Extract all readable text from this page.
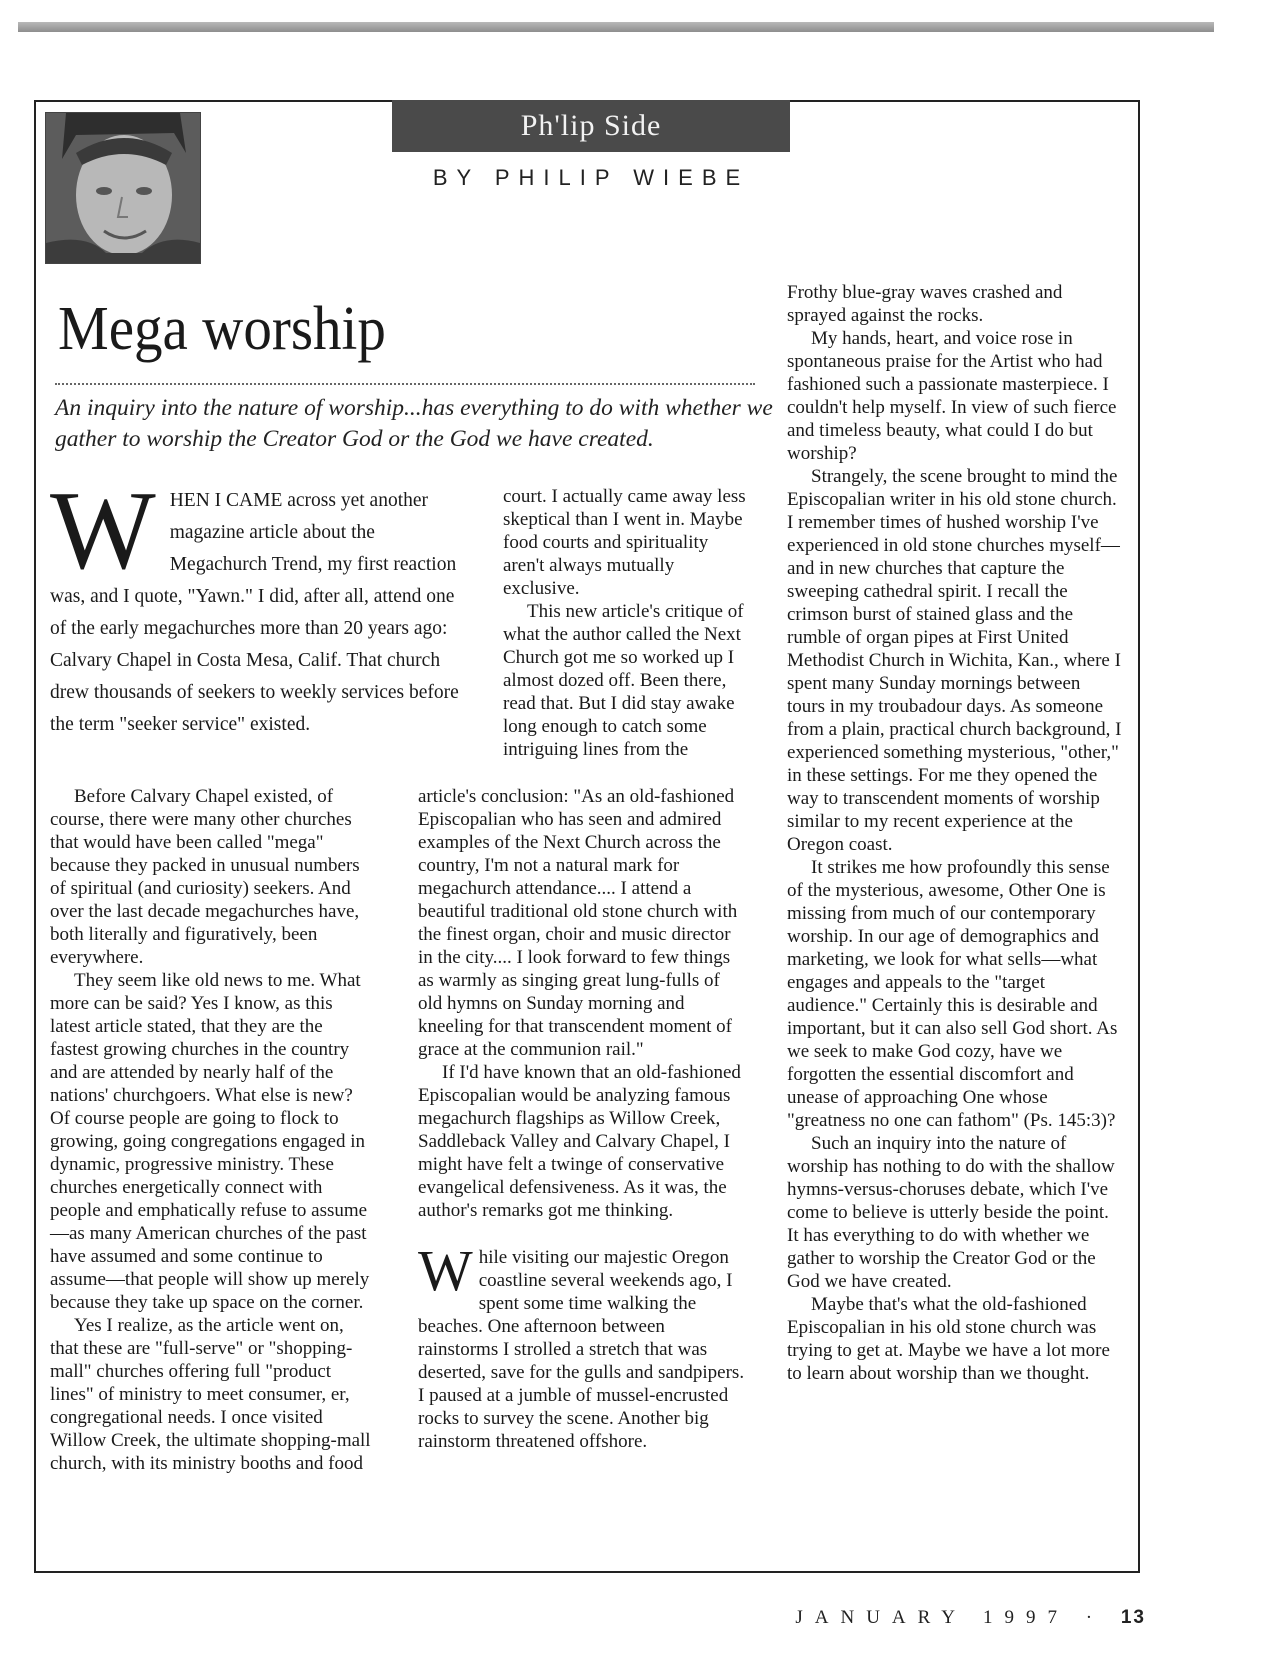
Ph'lip Side
BY PHILIP WIEBE
Mega worship
An inquiry into the nature of worship...has everything to do with whether we gather to worship the Creator God or the God we have created.
W HEN I CAME across yet another magazine article about the Megachurch Trend, my first reaction was, and I quote, "Yawn." I did, after all, attend one of the early megachurches more than 20 years ago: Calvary Chapel in Costa Mesa, Calif. That church drew thousands of seekers to weekly services before the term "seeker service" existed.

court. I actually came away less skeptical than I went in. Maybe food courts and spirituality aren't always mutually exclusive.

This new article's critique of what the author called the Next Church got me so worked up I almost dozed off. Been there, read that. But I did stay awake long enough to catch some intriguing lines from the

Before Calvary Chapel existed, of course, there were many other churches that would have been called "mega" because they packed in unusual numbers of spiritual (and curiosity) seekers. And over the last decade megachurches have, both literally and figuratively, been everywhere.

They seem like old news to me. What more can be said? Yes I know, as this latest article stated, that they are the fastest growing churches in the country and are attended by nearly half of the nations' churchgoers. What else is new? Of course people are going to flock to growing, going congregations engaged in dynamic, progressive ministry. These churches energetically connect with people and emphatically refuse to assume—as many American churches of the past have assumed and some continue to assume—that people will show up merely because they take up space on the corner.

Yes I realize, as the article went on, that these are "full-serve" or "shopping-mall" churches offering full "product lines" of ministry to meet consumer, er, congregational needs. I once visited Willow Creek, the ultimate shopping-mall church, with its ministry booths and food

article's conclusion: "As an old-fashioned Episcopalian who has seen and admired examples of the Next Church across the country, I'm not a natural mark for megachurch attendance.... I attend a beautiful traditional old stone church with the finest organ, choir and music director in the city.... I look forward to few things as warmly as singing great lung-fulls of old hymns on Sunday morning and kneeling for that transcendent moment of grace at the communion rail."

If I'd have known that an old-fashioned Episcopalian would be analyzing famous megachurch flagships as Willow Creek, Saddleback Valley and Calvary Chapel, I might have felt a twinge of conservative evangelical defensiveness. As it was, the author's remarks got me thinking.

W hile visiting our majestic Oregon coastline several weekends ago, I spent some time walking the beaches. One afternoon between rainstorms I strolled a stretch that was deserted, save for the gulls and sandpipers. I paused at a jumble of mussel-encrusted rocks to survey the scene. Another big rainstorm threatened offshore.

Frothy blue-gray waves crashed and sprayed against the rocks.

My hands, heart, and voice rose in spontaneous praise for the Artist who had fashioned such a passionate masterpiece. I couldn't help myself. In view of such fierce and timeless beauty, what could I do but worship?

Strangely, the scene brought to mind the Episcopalian writer in his old stone church. I remember times of hushed worship I've experienced in old stone churches myself—and in new churches that capture the sweeping cathedral spirit. I recall the crimson burst of stained glass and the rumble of organ pipes at First United Methodist Church in Wichita, Kan., where I spent many Sunday mornings between tours in my troubadour days. As someone from a plain, practical church background, I experienced something mysterious, "other," in these settings. For me they opened the way to transcendent moments of worship similar to my recent experience at the Oregon coast.

It strikes me how profoundly this sense of the mysterious, awesome, Other One is missing from much of our contemporary worship. In our age of demographics and marketing, we look for what sells—what engages and appeals to the "target audience." Certainly this is desirable and important, but it can also sell God short. As we seek to make God cozy, have we forgotten the essential discomfort and unease of approaching One whose "greatness no one can fathom" (Ps. 145:3)?

Such an inquiry into the nature of worship has nothing to do with the shallow hymns-versus-choruses debate, which I've come to believe is utterly beside the point. It has everything to do with whether we gather to worship the Creator God or the God we have created.

Maybe that's what the old-fashioned Episcopalian in his old stone church was trying to get at. Maybe we have a lot more to learn about worship than we thought.

JANUARY 1997 · 13
